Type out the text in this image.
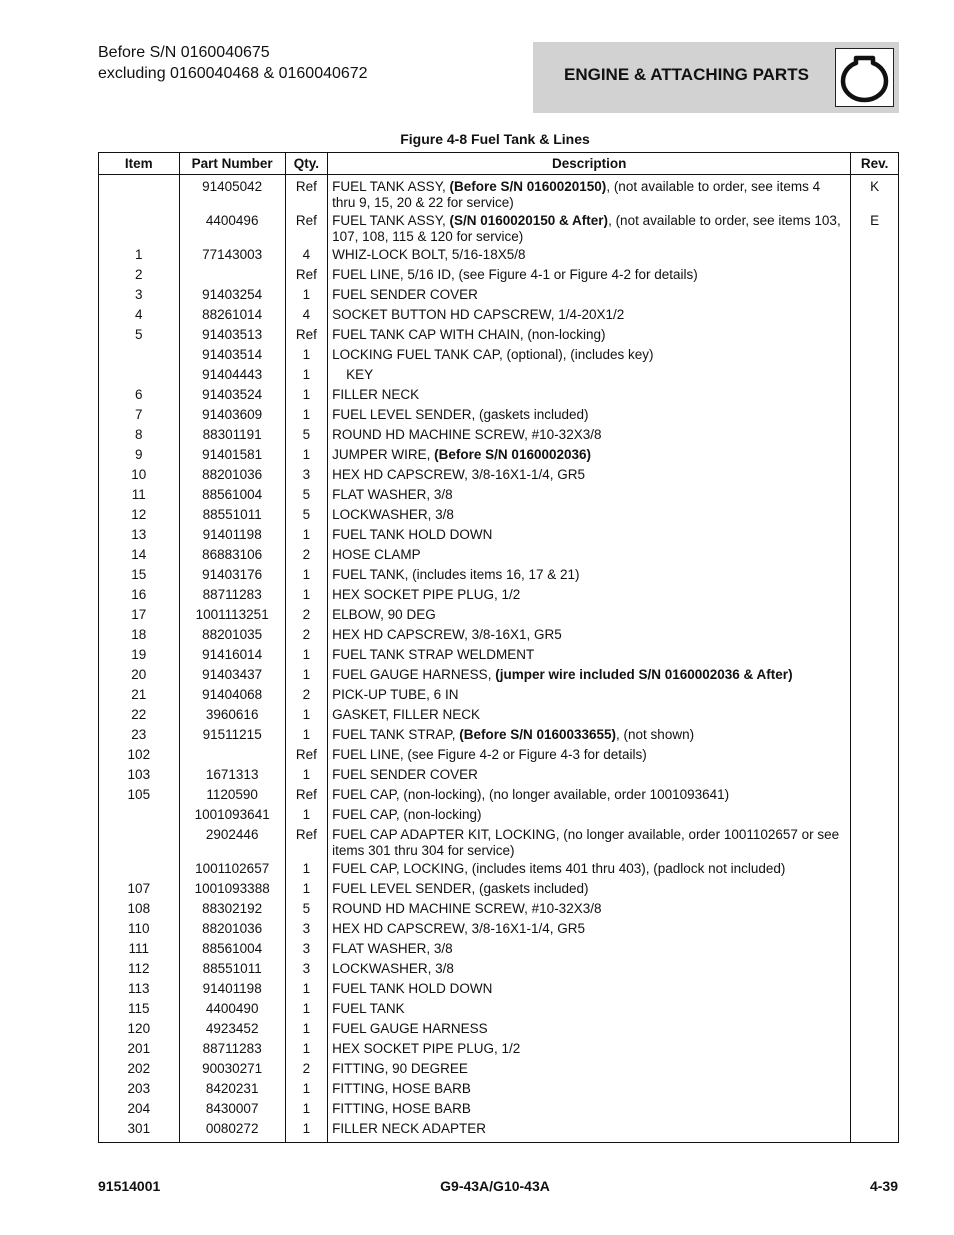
Before S/N 0160040675
excluding 0160040468 & 0160040672	ENGINE & ATTACHING PARTS
Figure 4-8 Fuel Tank & Lines
Item	Part Number	Qty.	Description	Rev.
	91405042	Ref	FUEL TANK ASSY, (Before S/N 0160020150), (not available to order, see items 4 thru 9, 15, 20 & 22 for service)	K
	4400496	Ref	FUEL TANK ASSY, (S/N 0160020150 & After), (not available to order, see items 103, 107, 108, 115 & 120 for service)	E
1	77143003	4	WHIZ-LOCK BOLT, 5/16-18X5/8	
2		Ref	FUEL LINE, 5/16 ID, (see Figure 4-1 or Figure 4-2 for details)	
3	91403254	1	FUEL SENDER COVER	
4	88261014	4	SOCKET BUTTON HD CAPSCREW, 1/4-20X1/2	
5	91403513	Ref	FUEL TANK CAP WITH CHAIN, (non-locking)	
	91403514	1	LOCKING FUEL TANK CAP, (optional), (includes key)	
	91404443	1	KEY	
6	91403524	1	FILLER NECK	
7	91403609	1	FUEL LEVEL SENDER, (gaskets included)	
8	88301191	5	ROUND HD MACHINE SCREW, #10-32X3/8	
9	91401581	1	JUMPER WIRE, (Before S/N 0160002036)	
10	88201036	3	HEX HD CAPSCREW, 3/8-16X1-1/4, GR5	
11	88561004	5	FLAT WASHER, 3/8	
12	88551011	5	LOCKWASHER, 3/8	
13	91401198	1	FUEL TANK HOLD DOWN	
14	86883106	2	HOSE CLAMP	
15	91403176	1	FUEL TANK, (includes items 16, 17 & 21)	
16	88711283	1	HEX SOCKET PIPE PLUG, 1/2	
17	1001113251	2	ELBOW, 90 DEG	
18	88201035	2	HEX HD CAPSCREW, 3/8-16X1, GR5	
19	91416014	1	FUEL TANK STRAP WELDMENT	
20	91403437	1	FUEL GAUGE HARNESS, (jumper wire included S/N 0160002036 & After)	
21	91404068	2	PICK-UP TUBE, 6 IN	
22	3960616	1	GASKET, FILLER NECK	
23	91511215	1	FUEL TANK STRAP, (Before S/N 0160033655), (not shown)	
102		Ref	FUEL LINE, (see Figure 4-2 or Figure 4-3 for details)	
103	1671313	1	FUEL SENDER COVER	
105	1120590	Ref	FUEL CAP, (non-locking), (no longer available, order 1001093641)	
	1001093641	1	FUEL CAP, (non-locking)	
	2902446	Ref	FUEL CAP ADAPTER KIT, LOCKING, (no longer available, order 1001102657 or see items 301 thru 304 for service)	
	1001102657	1	FUEL CAP, LOCKING, (includes items 401 thru 403), (padlock not included)	
107	1001093388	1	FUEL LEVEL SENDER, (gaskets included)	
108	88302192	5	ROUND HD MACHINE SCREW, #10-32X3/8	
110	88201036	3	HEX HD CAPSCREW, 3/8-16X1-1/4, GR5	
111	88561004	3	FLAT WASHER, 3/8	
112	88551011	3	LOCKWASHER, 3/8	
113	91401198	1	FUEL TANK HOLD DOWN	
115	4400490	1	FUEL TANK	
120	4923452	1	FUEL GAUGE HARNESS	
201	88711283	1	HEX SOCKET PIPE PLUG, 1/2	
202	90030271	2	FITTING, 90 DEGREE	
203	8420231	1	FITTING, HOSE BARB	
204	8430007	1	FITTING, HOSE BARB	
301	0080272	1	FILLER NECK ADAPTER	
91514001	G9-43A/G10-43A	4-39
